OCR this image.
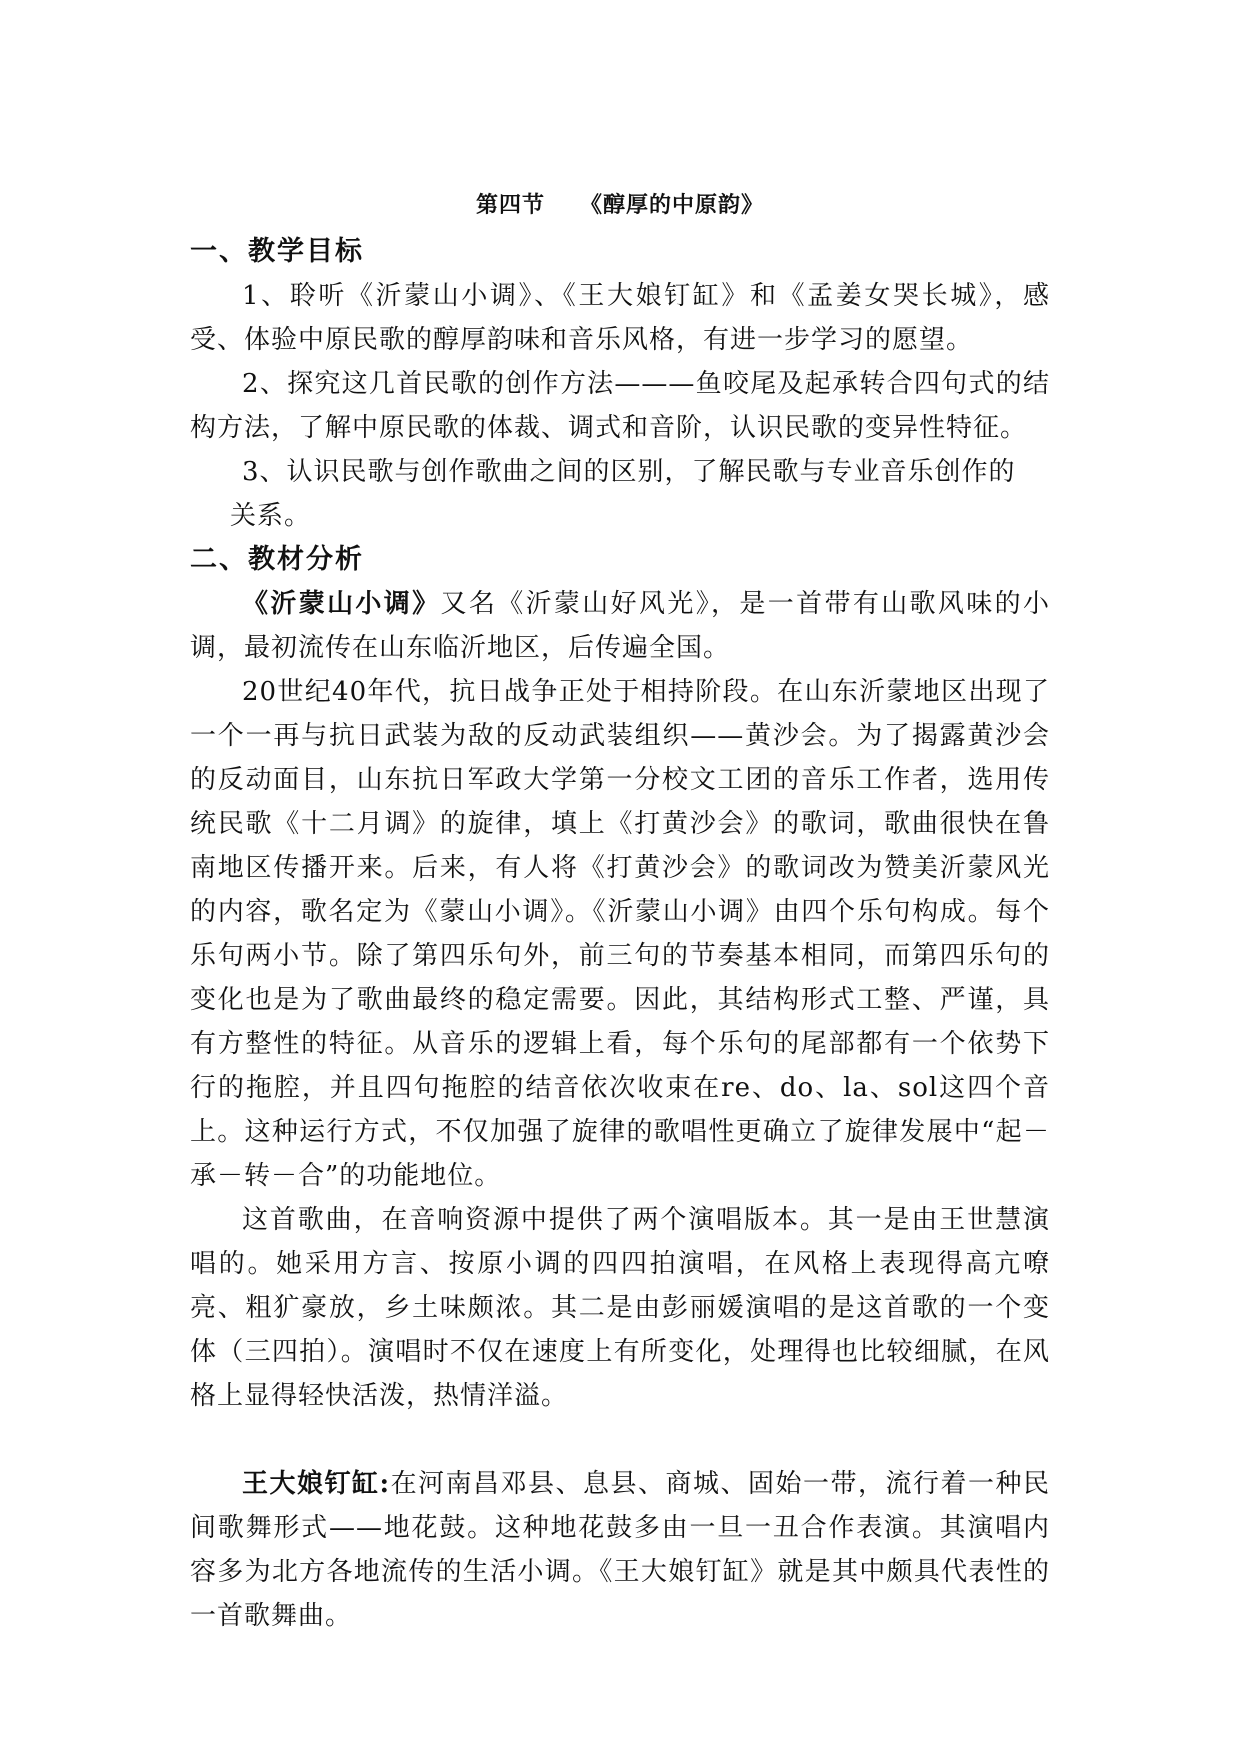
第四节　　《醇厚的中原韵》
一、教学目标

1、聆听《沂蒙山小调》、《王大娘钉缸》和《孟姜女哭长城》，感受、体验中原民歌的醇厚韵味和音乐风格，有进一步学习的愿望。

2、探究这几首民歌的创作方法———鱼咬尾及起承转合四句式的结构方法，了解中原民歌的体裁、调式和音阶，认识民歌的变异性特征。

3、认识民歌与创作歌曲之间的区别，了解民歌与专业音乐创作的

关系。

二、教材分析

《沂蒙山小调》又名《沂蒙山好风光》，是一首带有山歌风味的小调，最初流传在山东临沂地区，后传遍全国。

20世纪40年代，抗日战争正处于相持阶段。在山东沂蒙地区出现了一个一再与抗日武装为敌的反动武装组织——黄沙会。为了揭露黄沙会的反动面目，山东抗日军政大学第一分校文工团的音乐工作者，选用传统民歌《十二月调》的旋律，填上《打黄沙会》的歌词，歌曲很快在鲁南地区传播开来。后来，有人将《打黄沙会》的歌词改为赞美沂蒙风光的内容，歌名定为《蒙山小调》。《沂蒙山小调》由四个乐句构成。每个乐句两小节。除了第四乐句外，前三句的节奏基本相同，而第四乐句的变化也是为了歌曲最终的稳定需要。因此，其结构形式工整、严谨，具有方整性的特征。从音乐的逻辑上看，每个乐句的尾部都有一个依势下行的拖腔，并且四句拖腔的结音依次收束在re、do、la、sol这四个音上。这种运行方式，不仅加强了旋律的歌唱性更确立了旋律发展中“起－承－转－合”的功能地位。

这首歌曲，在音响资源中提供了两个演唱版本。其一是由王世慧演唱的。她采用方言、按原小调的四四拍演唱，在风格上表现得高亢嘹亮、粗犷豪放，乡土味颇浓。其二是由彭丽媛演唱的是这首歌的一个变体（三四拍）。演唱时不仅在速度上有所变化，处理得也比较细腻，在风格上显得轻快活泼，热情洋溢。

王大娘钉缸:在河南昌邓县、息县、商城、固始一带，流行着一种民间歌舞形式——地花鼓。这种地花鼓多由一旦一丑合作表演。其演唱内容多为北方各地流传的生活小调。《王大娘钉缸》就是其中颇具代表性的一首歌舞曲。
